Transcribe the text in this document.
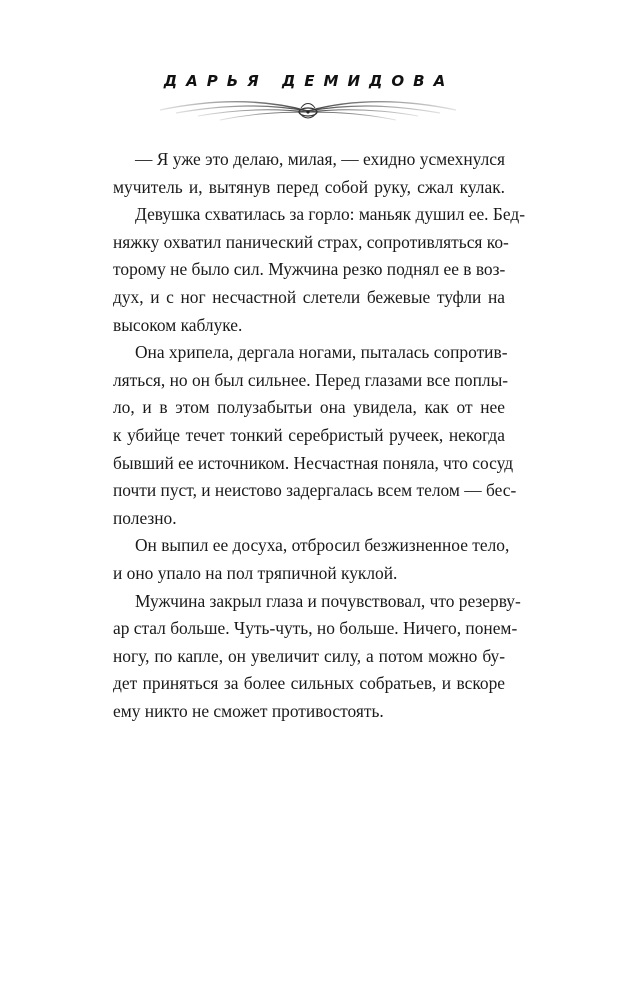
ДАРЬЯ ДЕМИДОВА
— Я уже это делаю, милая, — ехидно усмехнулся
мучитель и, вытянув перед собой руку, сжал кулак.
Девушка схватилась за горло: маньяк душил ее. Бед-
няжку охватил панический страх, сопротивляться ко-
торому не было сил. Мужчина резко поднял ее в воз-
дух, и с ног несчастной слетели бежевые туфли на
высоком каблуке.
Она хрипела, дергала ногами, пыталась сопротив-
ляться, но он был сильнее. Перед глазами все поплы-
ло, и в этом полузабытьи она увидела, как от нее
к убийце течет тонкий серебристый ручеек, некогда
бывший ее источником. Несчастная поняла, что сосуд
почти пуст, и неистово задергалась всем телом — бес-
полезно.
Он выпил ее досуха, отбросил безжизненное тело,
и оно упало на пол тряпичной куклой.
Мужчина закрыл глаза и почувствовал, что резерву-
ар стал больше. Чуть-чуть, но больше. Ничего, понем-
ногу, по капле, он увеличит силу, а потом можно бу-
дет приняться за более сильных собратьев, и вскоре
ему никто не сможет противостоять.
